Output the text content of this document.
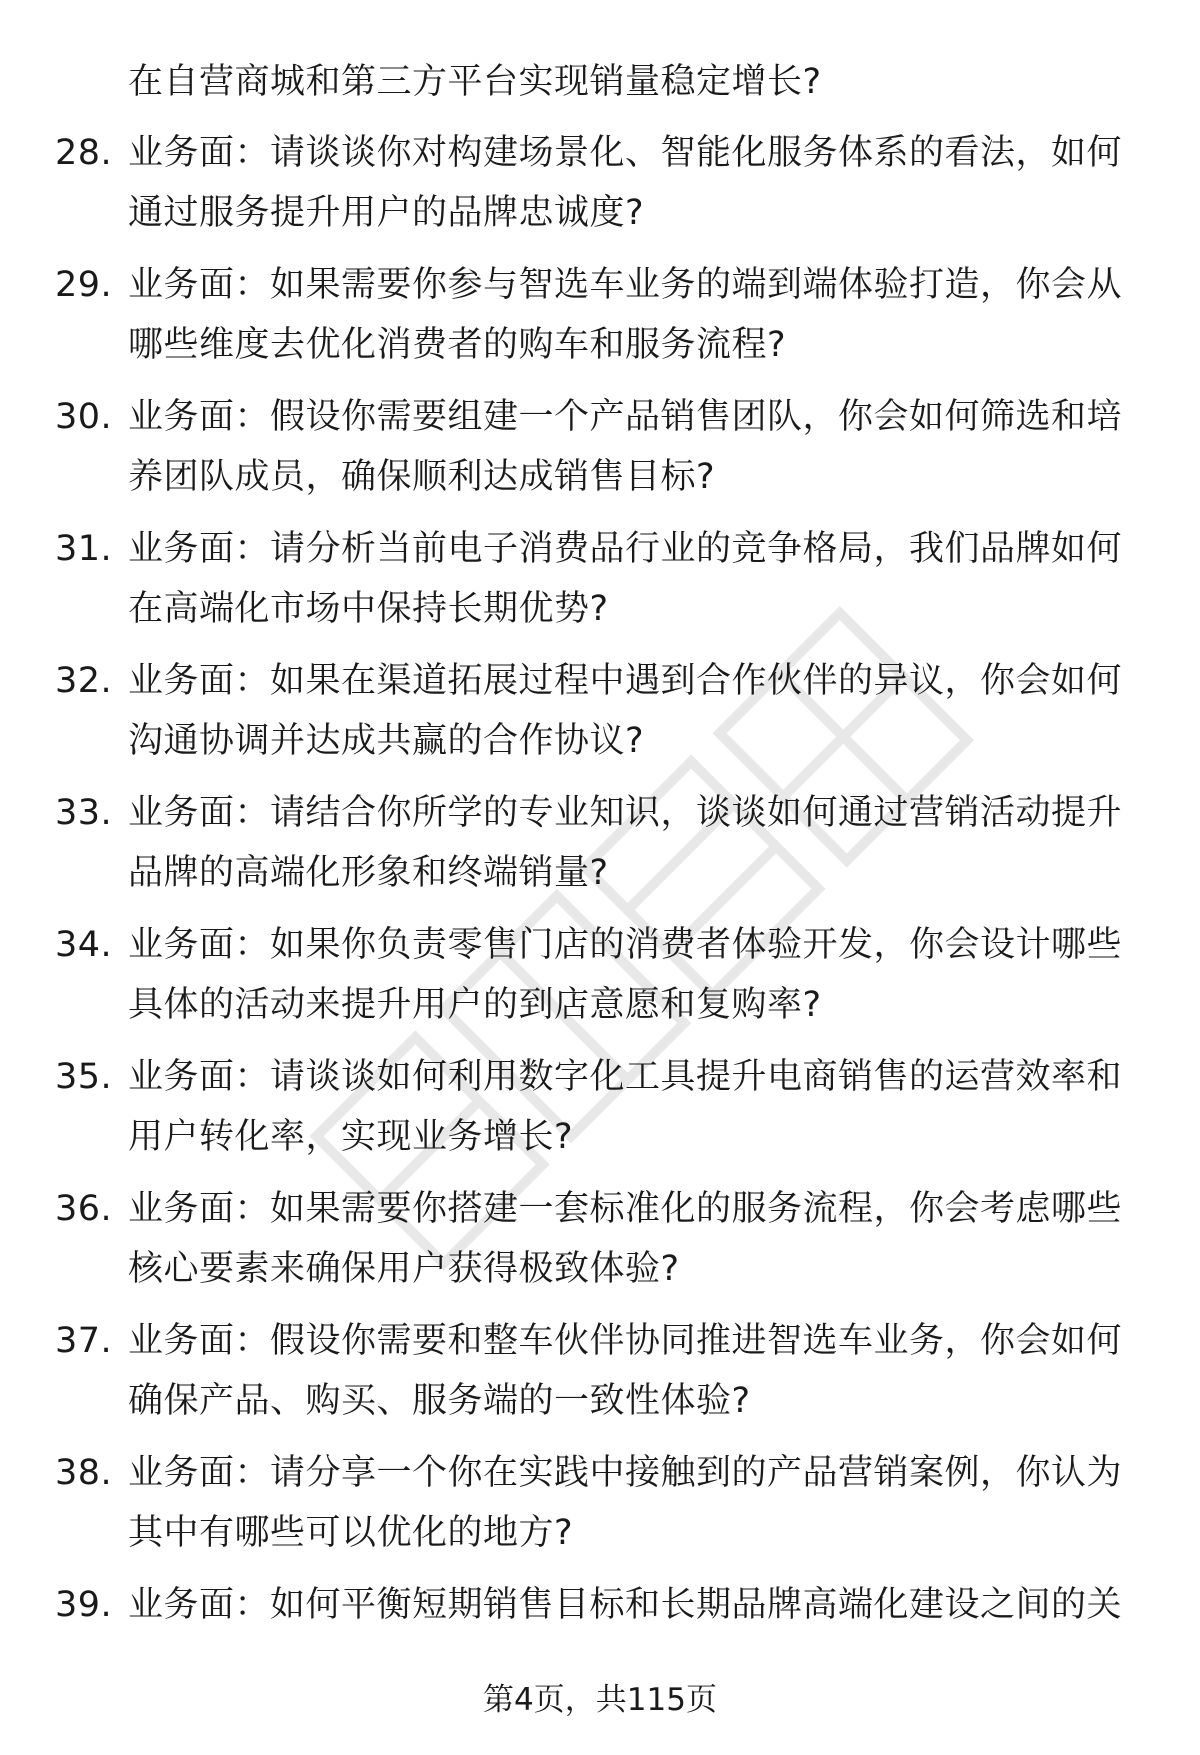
在自营商城和第三方平台实现销量稳定增长?
28. 业务面：请谈谈你对构建场景化、智能化服务体系的看法，如何通过服务提升用户的品牌忠诚度?
29. 业务面：如果需要你参与智选车业务的端到端体验打造，你会从哪些维度去优化消费者的购车和服务流程?
30. 业务面：假设你需要组建一个产品销售团队，你会如何筛选和培养团队成员，确保顺利达成销售目标?
31. 业务面：请分析当前电子消费品行业的竞争格局，我们品牌如何在高端化市场中保持长期优势?
32. 业务面：如果在渠道拓展过程中遇到合作伙伴的异议，你会如何沟通协调并达成共赢的合作协议?
33. 业务面：请结合你所学的专业知识，谈谈如何通过营销活动提升品牌的高端化形象和终端销量?
34. 业务面：如果你负责零售门店的消费者体验开发，你会设计哪些具体的活动来提升用户的到店意愿和复购率?
35. 业务面：请谈谈如何利用数字化工具提升电商销售的运营效率和用户转化率，实现业务增长?
36. 业务面：如果需要你搭建一套标准化的服务流程，你会考虑哪些核心要素来确保用户获得极致体验?
37. 业务面：假设你需要和整车伙伴协同推进智选车业务，你会如何确保产品、购买、服务端的一致性体验?
38. 业务面：请分享一个你在实践中接触到的产品营销案例，你认为其中有哪些可以优化的地方?
39. 业务面：如何平衡短期销售目标和长期品牌高端化建设之间的关
第4页，共115页
